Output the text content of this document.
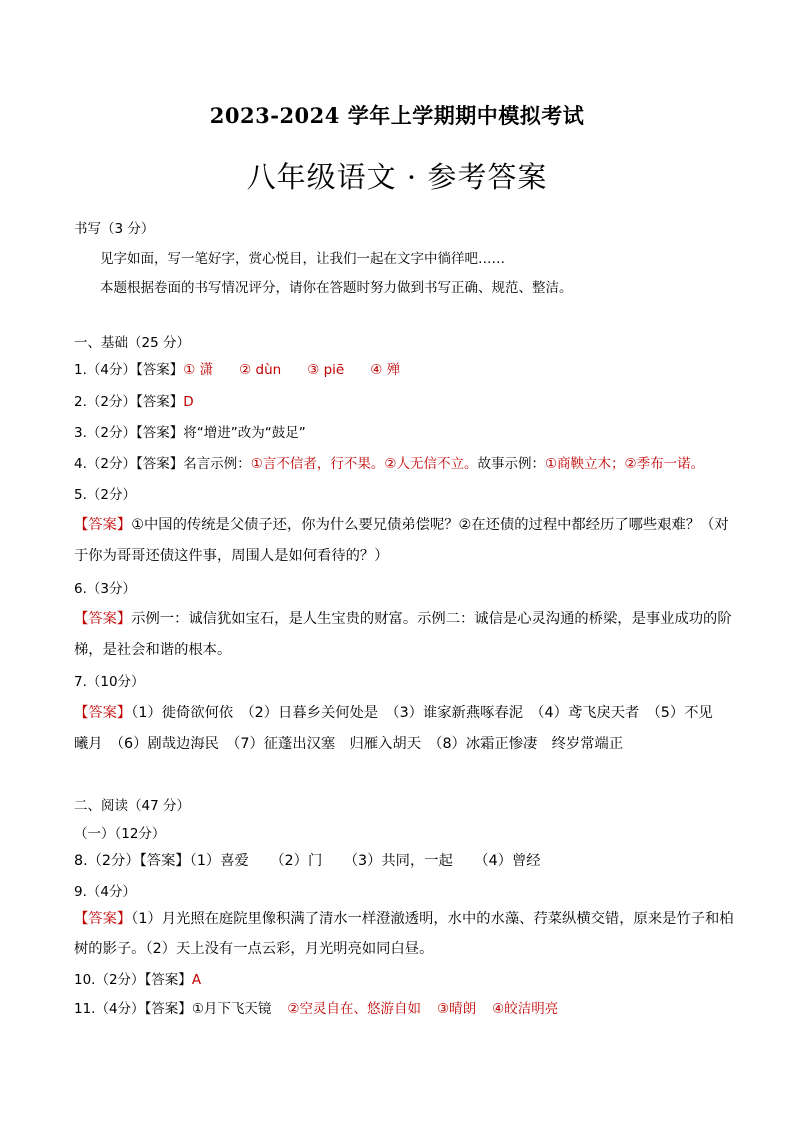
2023-2024 学年上学期期中模拟考试
八年级语文 · 参考答案
书写（3 分）
见字如面，写一笔好字，赏心悦目，让我们一起在文字中徜徉吧……
本题根据卷面的书写情况评分，请你在答题时努力做到书写正确、规范、整洁。
一、基础（25 分）
1.（4分）【答案】① 潇 ② dùn ③ piē ④ 殚
2.（2分）【答案】D
3.（2分）【答案】将“增进”改为“鼓足”
4.（2分）【答案】名言示例：①言不信者，行不果。②人无信不立。故事示例：①商鞅立木；②季布一诺。
5.（2分）
【答案】①中国的传统是父债子还，你为什么要兄债弟偿呢？②在还债的过程中都经历了哪些艰难？（对
于你为哥哥还债这件事，周围人是如何看待的？）
6.（3分）
【答案】示例一：诚信犹如宝石，是人生宝贵的财富。示例二：诚信是心灵沟通的桥梁，是事业成功的阶
梯，是社会和谐的根本。
7.（10分）
【答案】（1）徙倚欲何依　（2）日暮乡关何处是　（3）谁家新燕啄春泥　（4）鸢飞戾天者　（5）不见
曦月　（6）剧哉边海民　（7）征蓬出汉塞　归雁入胡天　（8）冰霜正惨凄　终岁常端正
二、阅读（47 分）
（一）（12分）
8.（2分）【答案】（1）喜爱　　（2）门　　（3）共同，一起　　（4）曾经
9.（4分）
【答案】（1）月光照在庭院里像积满了清水一样澄澈透明，水中的水藻、荇菜纵横交错，原来是竹子和柏
树的影子。（2）天上没有一点云彩，月光明亮如同白昼。
10.（2分）【答案】A
11.（4分）【答案】①月下飞天镜 ②空灵自在、悠游自如 ③晴朗 ④皎洁明亮
